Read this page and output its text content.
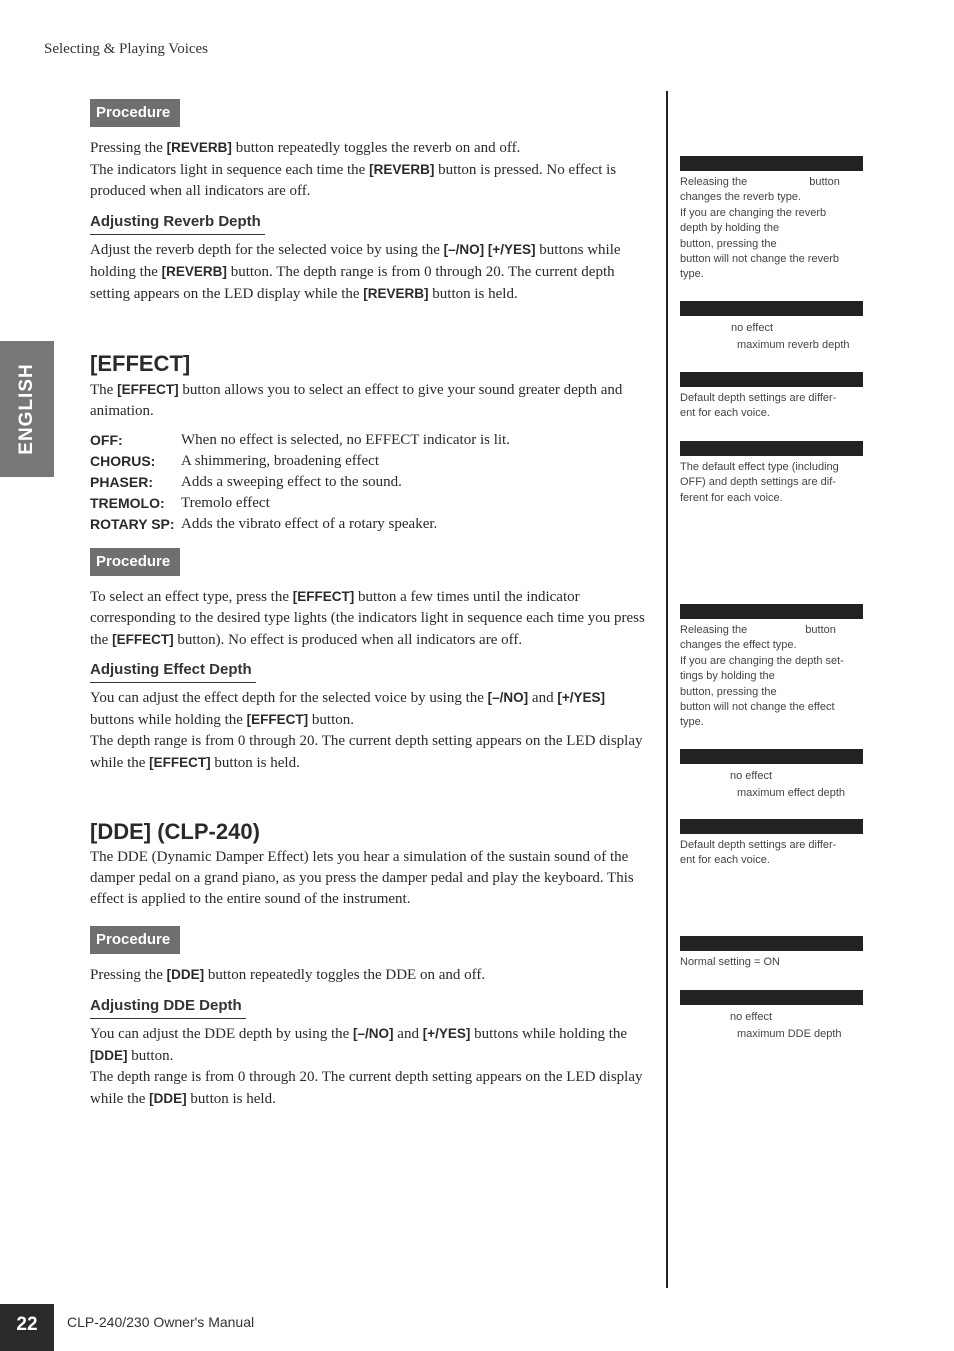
Selecting & Playing Voices
ENGLISH
Procedure

Pressing the [REVERB] button repeatedly toggles the reverb on and off.
The indicators light in sequence each time the [REVERB] button is pressed. No effect is produced when all indicators are off.

Adjusting Reverb Depth

Adjust the reverb depth for the selected voice by using the [–/NO] [+/YES] buttons while holding the [REVERB] button. The depth range is from 0 through 20. The current depth setting appears on the LED display while the [REVERB] button is held.

[EFFECT]

The [EFFECT] button allows you to select an effect to give your sound greater depth and animation.

OFF:	When no effect is selected, no EFFECT indicator is lit.
CHORUS:	A shimmering, broadening effect
PHASER:	Adds a sweeping effect to the sound.
TREMOLO:	Tremolo effect
ROTARY SP: Adds the vibrato effect of a rotary speaker.
Procedure

To select an effect type, press the [EFFECT] button a few times until the indicator corresponding to the desired type lights (the indicators light in sequence each time you press the [EFFECT] button). No effect is produced when all indicators are off.

Adjusting Effect Depth

You can adjust the effect depth for the selected voice by using the [–/NO] and [+/YES] buttons while holding the [EFFECT] button.
The depth range is from 0 through 20. The current depth setting appears on the LED display while the [EFFECT] button is held.

[DDE] (CLP-240)

The DDE (Dynamic Damper Effect) lets you hear a simulation of the sustain sound of the damper pedal on a grand piano, as you press the damper pedal and play the keyboard. This effect is applied to the entire sound of the instrument.

Procedure

Pressing the [DDE] button repeatedly toggles the DDE on and off.

Adjusting DDE Depth

You can adjust the DDE depth by using the [–/NO] and [+/YES] buttons while holding the [DDE] button.
The depth range is from 0 through 20. The current depth setting appears on the LED display while the [DDE] button is held.

Releasing the	button
changes the reverb type.
If you are changing the reverb
depth by holding the
button, pressing the
button will not change the reverb
type.
no effect
maximum reverb depth
Default depth settings are differ-
ent for each voice.
The default effect type (including
OFF) and depth settings are dif-
ferent for each voice.
Releasing the	button
changes the effect type.
If you are changing the depth set-
tings by holding the
button, pressing the
button will not change the effect
type.
no effect
maximum effect depth
Default depth settings are differ-
ent for each voice.
Normal setting = ON
no effect
maximum DDE depth
22	CLP-240/230 Owner's Manual
